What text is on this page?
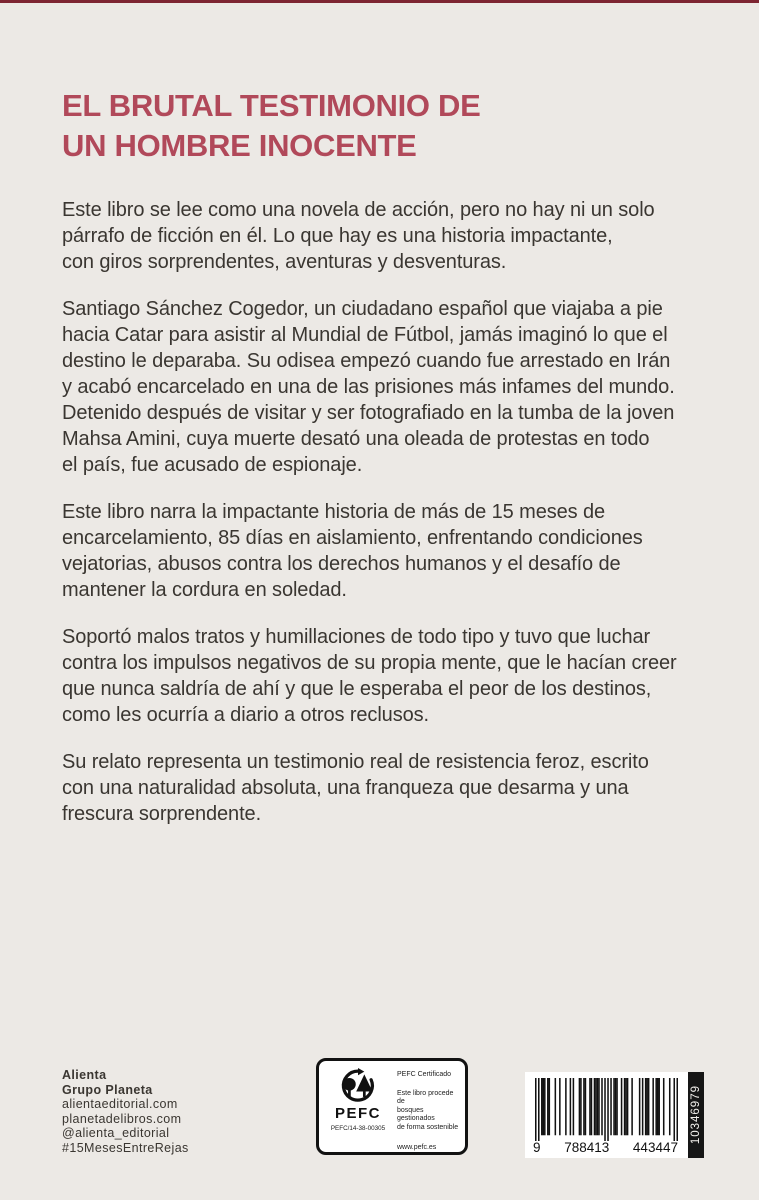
EL BRUTAL TESTIMONIO DE
UN HOMBRE INOCENTE
Este libro se lee como una novela de acción, pero no hay ni un solo
párrafo de ficción en él. Lo que hay es una historia impactante,
con giros sorprendentes, aventuras y desventuras.
Santiago Sánchez Cogedor, un ciudadano español que viajaba a pie
hacia Catar para asistir al Mundial de Fútbol, jamás imaginó lo que el
destino le deparaba. Su odisea empezó cuando fue arrestado en Irán
y acabó encarcelado en una de las prisiones más infames del mundo.
Detenido después de visitar y ser fotografiado en la tumba de la joven
Mahsa Amini, cuya muerte desató una oleada de protestas en todo
el país, fue acusado de espionaje.
Este libro narra la impactante historia de más de 15 meses de
encarcelamiento, 85 días en aislamiento, enfrentando condiciones
vejatorias, abusos contra los derechos humanos y el desafío de
mantener la cordura en soledad.
Soportó malos tratos y humillaciones de todo tipo y tuvo que luchar
contra los impulsos negativos de su propia mente, que le hacían creer
que nunca saldría de ahí y que le esperaba el peor de los destinos,
como les ocurría a diario a otros reclusos.
Su relato representa un testimonio real de resistencia feroz, escrito
con una naturalidad absoluta, una franqueza que desarma y una
frescura sorprendente.
Alienta
Grupo Planeta
alientaeditorial.com
planetadelibros.com
@alienta_editorial
#15MesesEntreRejas
PEFC
PEFC/14-38-00305
PEFC Certificado
Este libro procede de
bosques gestionados
de forma sostenible
www.pefc.es	9 788413 443447
10346979
